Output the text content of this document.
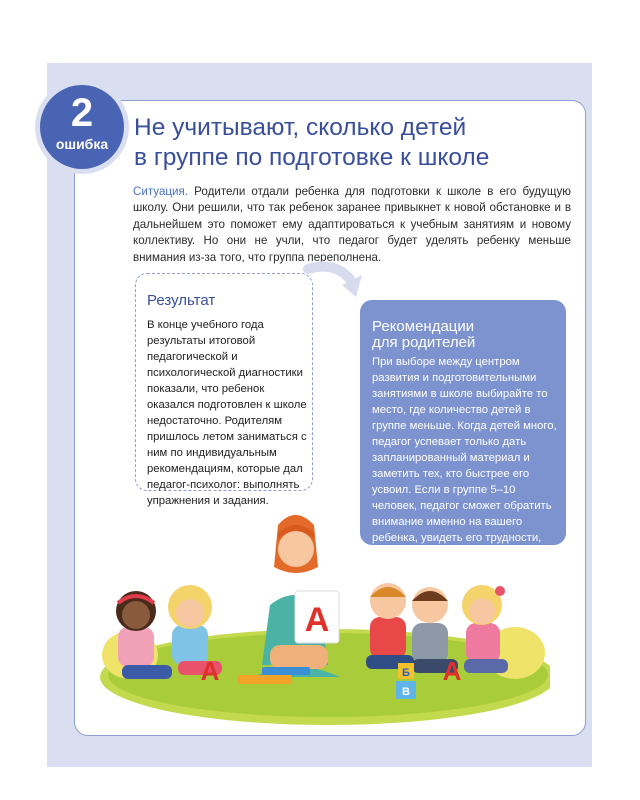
2
ошибка
Не учитывают, сколько детей
в группе по подготовке к школе

Ситуация. Родители отдали ребенка для подготовки к школе в его будущую школу. Они решили, что так ребенок заранее привыкнет к новой обстановке и в дальнейшем это поможет ему адаптироваться к учебным занятиям и новому коллективу. Но они не учли, что педагог будет уделять ребенку меньше внимания из-за того, что группа переполнена.

Результат

В конце учебного года результаты итоговой педагогической и психологической диагностики показали, что ребенок оказался подготовлен к школе недостаточно. Родителям пришлось летом заниматься с ним по индивидуальным рекомендациям, которые дал педагог-психолог: выполнять упражнения и задания.

Рекомендации
для родителей

При выборе между центром развития и подготовительными занятиями в школе выбирайте то место, где количество детей в группе меньше. Когда детей много, педагог успевает только дать запланированный материал и заметить тех, кто быстрее его усвоил. Если в группе 5–10 человек, педагог сможет обратить внимание именно на вашего ребенка, увидеть его трудности, использовать индивидуальный подход.

А
А	А
Б
В
